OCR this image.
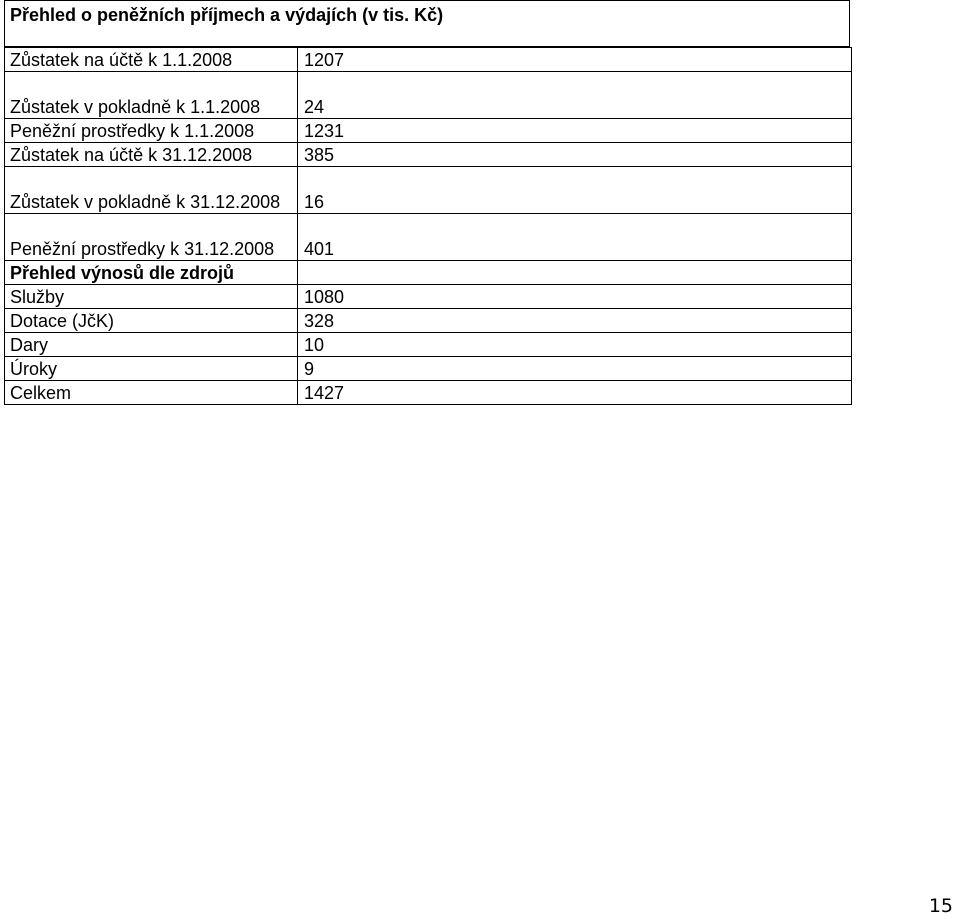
Přehled o peněžních příjmech a výdajích (v tis. Kč)
Zůstatek na účtě k 1.1.2008	1207
Zůstatek v pokladně k 1.1.2008	24
Peněžní prostředky k 1.1.2008	1231
Zůstatek na účtě k 31.12.2008	385
Zůstatek v pokladně k 31.12.2008	16
Peněžní prostředky k 31.12.2008	401
Přehled výnosů dle zdrojů	
Služby	1080
Dotace (JčK)	328
Dary	10
Úroky	9
Celkem	1427
15
